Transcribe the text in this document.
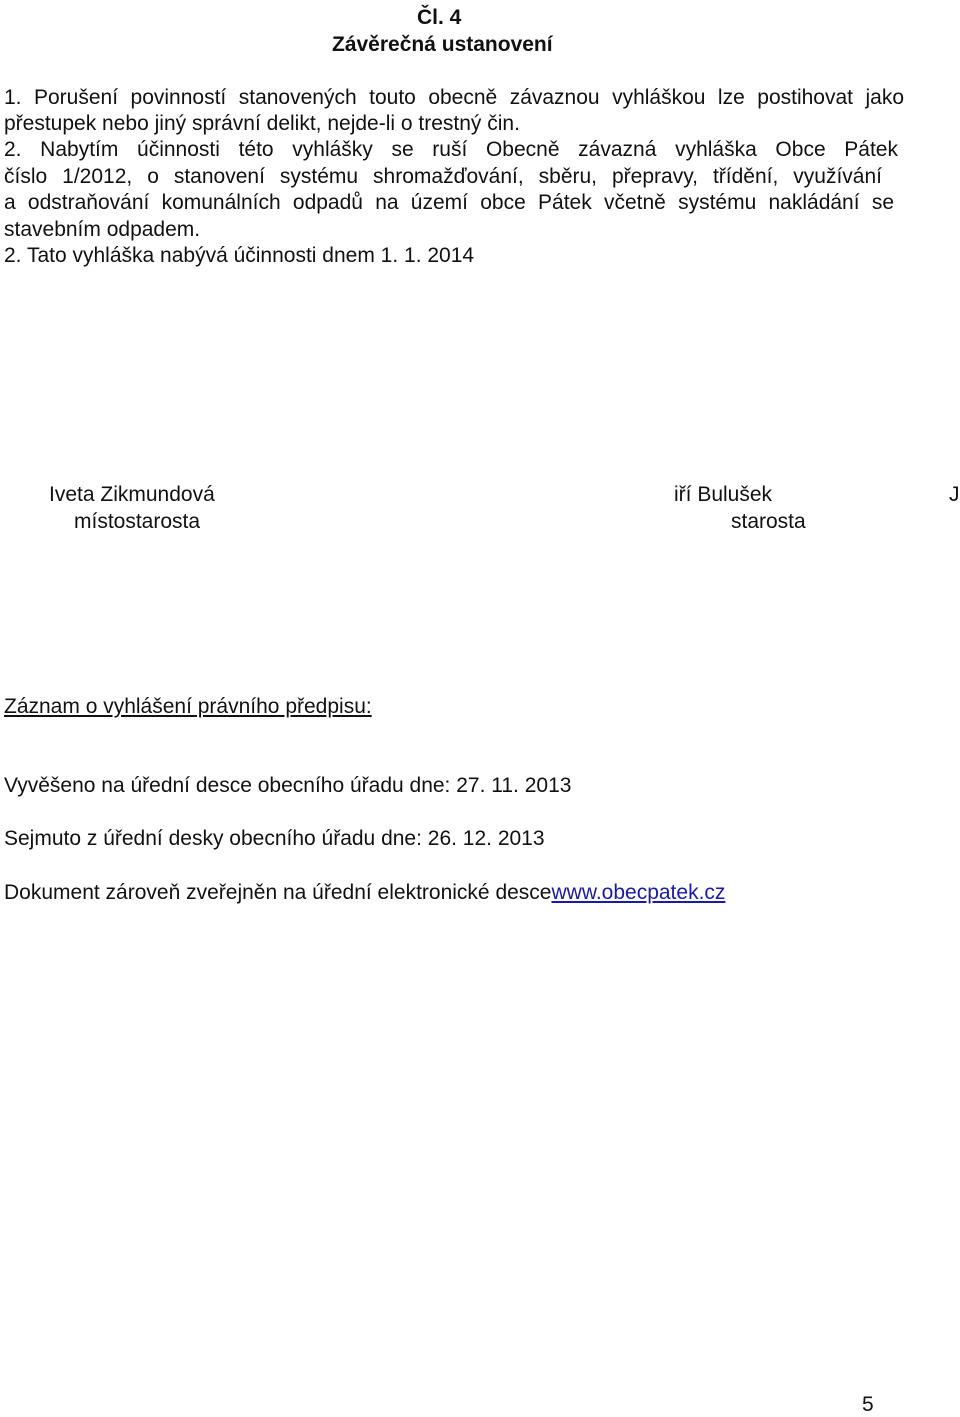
Čl. 4
Závěrečná ustanovení
1. Porušení povinností stanovených touto obecně závaznou vyhláškou lze postihovat jako
přestupek nebo jiný správní delikt, nejde-li o trestný čin.
2. Nabytím účinnosti této vyhlášky se ruší Obecně závazná vyhláška Obce Pátek
číslo 1/2012, o stanovení systému shromažďování, sběru, přepravy, třídění, využívání
a odstraňování komunálních odpadů na území obce Pátek včetně systému nakládání se
stavebním odpadem.
2. Tato vyhláška nabývá účinnosti dnem 1. 1. 2014
Iveta Zikmundová
místostarosta
iří Bulušek	J
starosta
Záznam o vyhlášení právního předpisu:
Vyvěšeno na úřední desce obecního úřadu dne: 27. 11. 2013
Sejmuto z úřední desky obecního úřadu dne: 26. 12. 2013
Dokument zároveň zveřejněn na úřední elektronické descewww.obecpatek.cz
5
